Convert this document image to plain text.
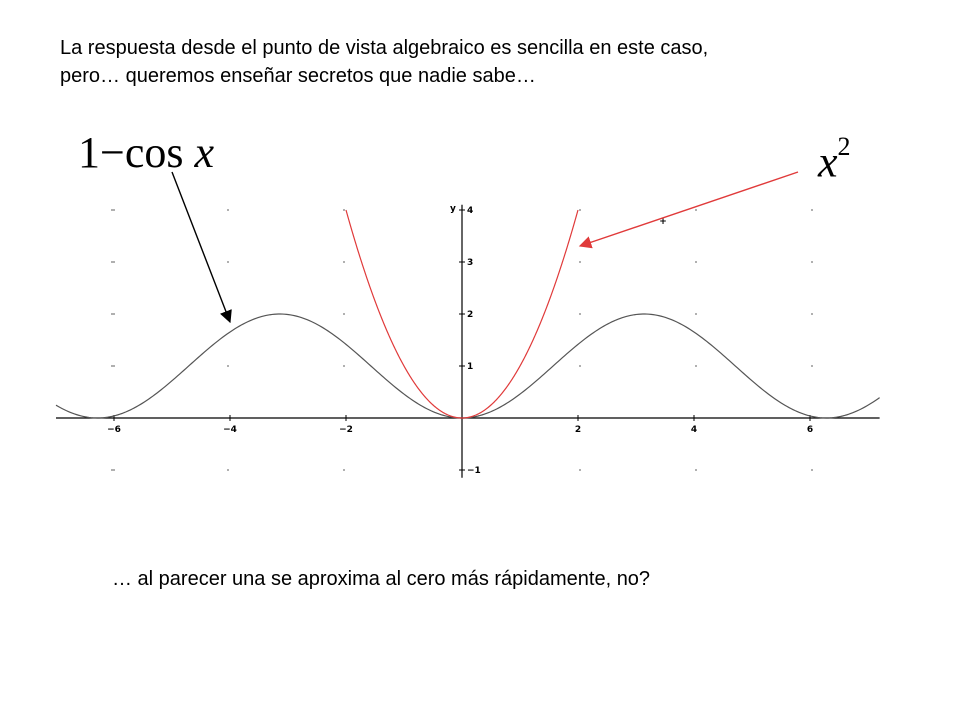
La respuesta desde el punto de vista algebraico es sencilla en este caso,
pero… queremos enseñar secretos que nadie sabe…
1−cos x	$x^2$
−6	−4	−2	2	4	6
−1
1
2
3
4
y
+
… al parecer una se aproxima al cero más rápidamente, no?
